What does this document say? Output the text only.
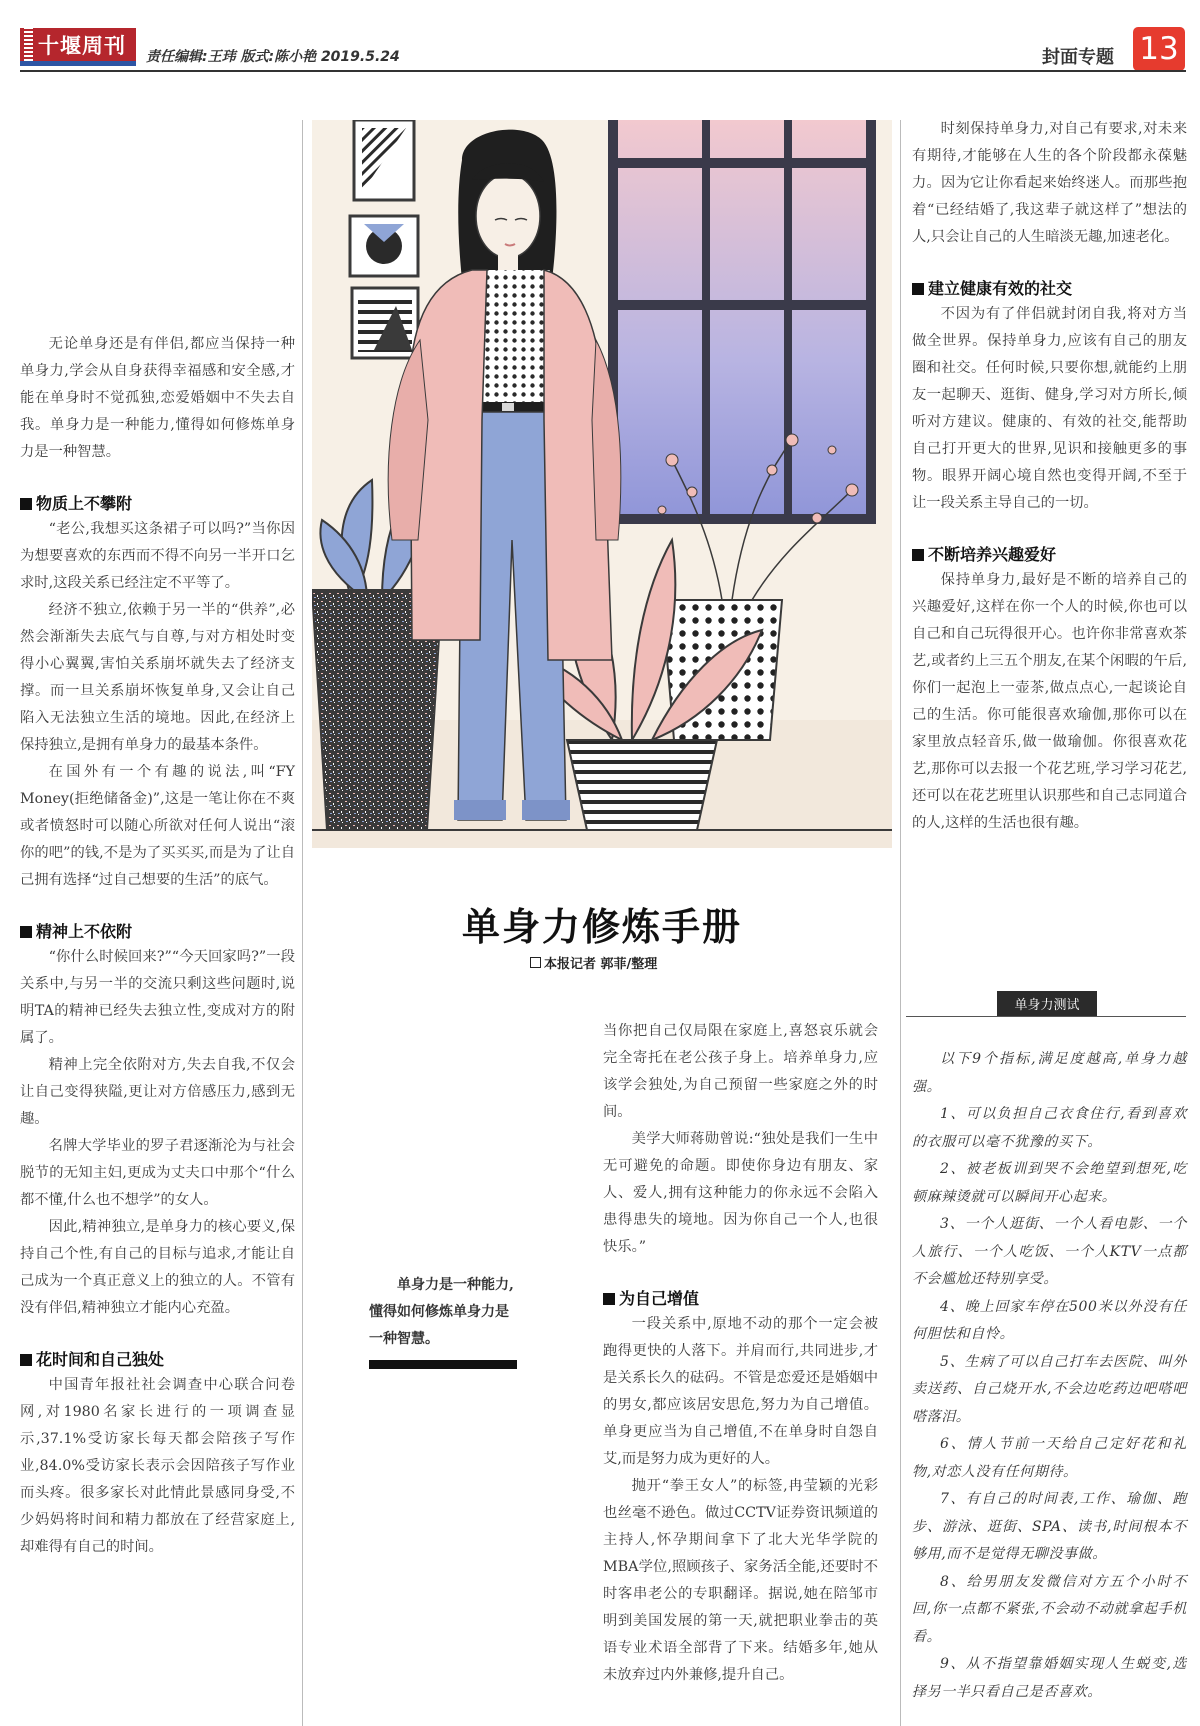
十堰周刊 责任编辑:王玮 版式:陈小艳 2019.5.24	封面专题 13

无论单身还是有伴侣,都应当保持一种单身力,学会从自身获得幸福感和安全感,才能在单身时不觉孤独,恋爱婚姻中不失去自我。单身力是一种能力,懂得如何修炼单身力是一种智慧。

物质上不攀附

“老公,我想买这条裙子可以吗?”当你因为想要喜欢的东西而不得不向另一半开口乞求时,这段关系已经注定不平等了。

经济不独立,依赖于另一半的“供养”,必然会渐渐失去底气与自尊,与对方相处时变得小心翼翼,害怕关系崩坏就失去了经济支撑。而一旦关系崩坏恢复单身,又会让自己陷入无法独立生活的境地。因此,在经济上保持独立,是拥有单身力的最基本条件。

在国外有一个有趣的说法,叫“FY Money(拒绝储备金)”,这是一笔让你在不爽或者愤怒时可以随心所欲对任何人说出“滚你的吧”的钱,不是为了买买买,而是为了让自己拥有选择“过自己想要的生活”的底气。

精神上不依附

“你什么时候回来?”“今天回家吗?”一段关系中,与另一半的交流只剩这些问题时,说明TA的精神已经失去独立性,变成对方的附属了。

精神上完全依附对方,失去自我,不仅会让自己变得狭隘,更让对方倍感压力,感到无趣。

名牌大学毕业的罗子君逐渐沦为与社会脱节的无知主妇,更成为丈夫口中那个“什么都不懂,什么也不想学”的女人。

因此,精神独立,是单身力的核心要义,保持自己个性,有自己的目标与追求,才能让自己成为一个真正意义上的独立的人。不管有没有伴侣,精神独立才能内心充盈。

花时间和自己独处

中国青年报社社会调查中心联合问卷网,对1980名家长进行的一项调查显示,37.1%受访家长每天都会陪孩子写作业,84.0%受访家长表示会因陪孩子写作业而头疼。很多家长对此情此景感同身受,不少妈妈将时间和精力都放在了经营家庭上,却难得有自己的时间。

单身力修炼手册
本报记者 郭菲/整理

单身力是一种能力,懂得如何修炼单身力是一种智慧。

当你把自己仅局限在家庭上,喜怒哀乐就会完全寄托在老公孩子身上。培养单身力,应该学会独处,为自己预留一些家庭之外的时间。

美学大师蒋勋曾说:“独处是我们一生中无可避免的命题。即使你身边有朋友、家人、爱人,拥有这种能力的你永远不会陷入患得患失的境地。因为你自己一个人,也很快乐。”

为自己增值

一段关系中,原地不动的那个一定会被跑得更快的人落下。并肩而行,共同进步,才是关系长久的砝码。不管是恋爱还是婚姻中的男女,都应该居安思危,努力为自己增值。单身更应当为自己增值,不在单身时自怨自艾,而是努力成为更好的人。

抛开“拳王女人”的标签,冉莹颖的光彩也丝毫不逊色。做过CCTV证券资讯频道的主持人,怀孕期间拿下了北大光华学院的MBA学位,照顾孩子、家务活全能,还要时不时客串老公的专职翻译。据说,她在陪邹市明到美国发展的第一天,就把职业拳击的英语专业术语全部背了下来。结婚多年,她从未放弃过内外兼修,提升自己。

时刻保持单身力,对自己有要求,对未来有期待,才能够在人生的各个阶段都永葆魅力。因为它让你看起来始终迷人。而那些抱着“已经结婚了,我这辈子就这样了”想法的人,只会让自己的人生暗淡无趣,加速老化。

建立健康有效的社交

不因为有了伴侣就封闭自我,将对方当做全世界。保持单身力,应该有自己的朋友圈和社交。任何时候,只要你想,就能约上朋友一起聊天、逛街、健身,学习对方所长,倾听对方建议。健康的、有效的社交,能帮助自己打开更大的世界,见识和接触更多的事物。眼界开阔心境自然也变得开阔,不至于让一段关系主导自己的一切。

不断培养兴趣爱好

保持单身力,最好是不断的培养自己的兴趣爱好,这样在你一个人的时候,你也可以自己和自己玩得很开心。也许你非常喜欢茶艺,或者约上三五个朋友,在某个闲暇的午后,你们一起泡上一壶茶,做点点心,一起谈论自己的生活。你可能很喜欢瑜伽,那你可以在家里放点轻音乐,做一做瑜伽。你很喜欢花艺,那你可以去报一个花艺班,学习学习花艺,还可以在花艺班里认识那些和自己志同道合的人,这样的生活也很有趣。

单身力测试

以下9个指标,满足度越高,单身力越强。

1、可以负担自己衣食住行,看到喜欢的衣服可以毫不犹豫的买下。

2、被老板训到哭不会绝望到想死,吃顿麻辣烫就可以瞬间开心起来。

3、一个人逛街、一个人看电影、一个人旅行、一个人吃饭、一个人KTV一点都不会尴尬还特别享受。

4、晚上回家车停在500米以外没有任何胆怯和自怜。

5、生病了可以自己打车去医院、叫外卖送药、自己烧开水,不会边吃药边吧嗒吧嗒落泪。

6、情人节前一天给自己定好花和礼物,对恋人没有任何期待。

7、有自己的时间表,工作、瑜伽、跑步、游泳、逛街、SPA、读书,时间根本不够用,而不是觉得无聊没事做。

8、给男朋友发微信对方五个小时不回,你一点都不紧张,不会动不动就拿起手机看。

9、从不指望靠婚姻实现人生蜕变,选择另一半只看自己是否喜欢。
